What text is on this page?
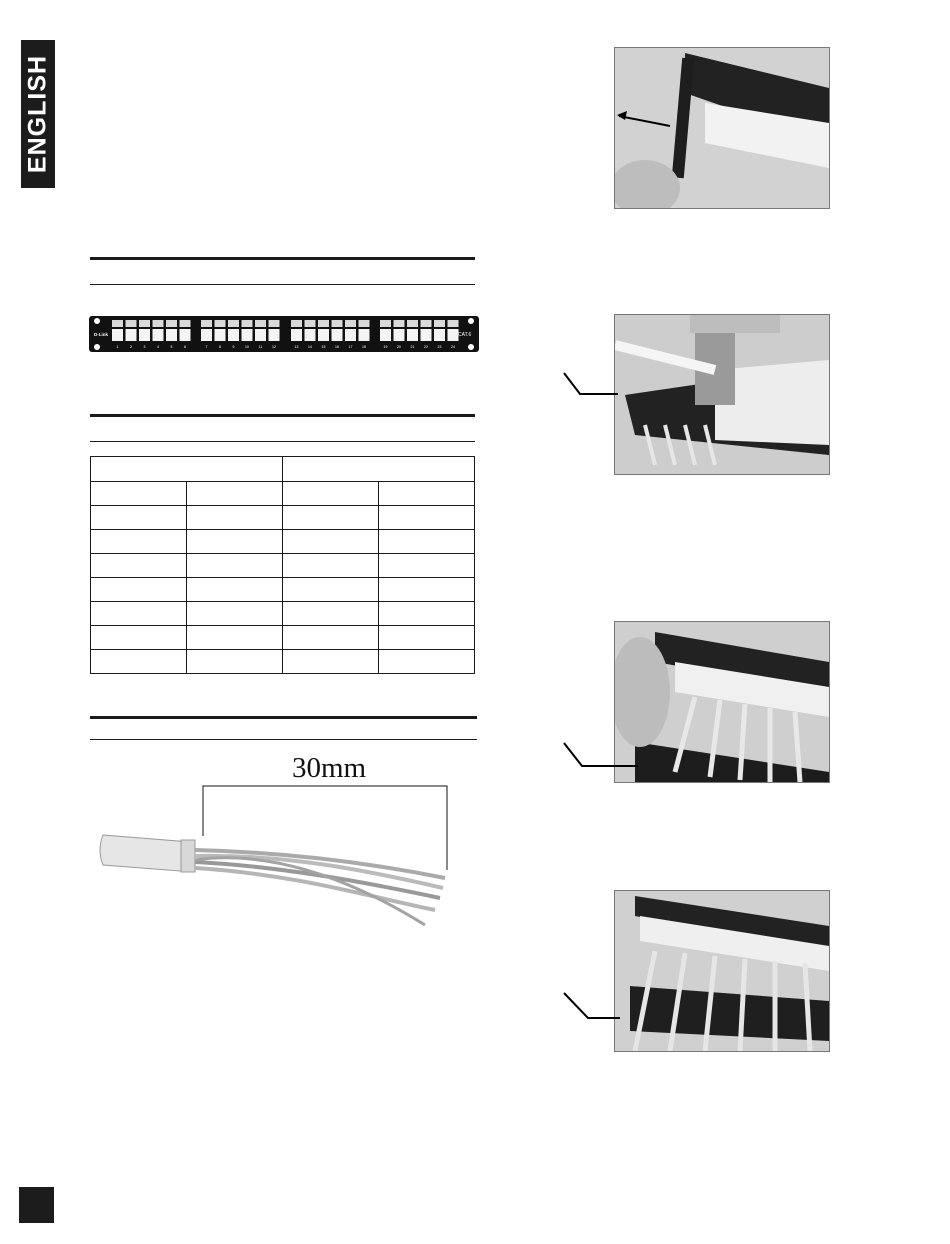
ENGLISH
D-Link	CAT.6
1	2	3	4	5	6	7	8	9	10	11	12	13	14	15	16	17	18	19	20	21	22	23	24

30mm
